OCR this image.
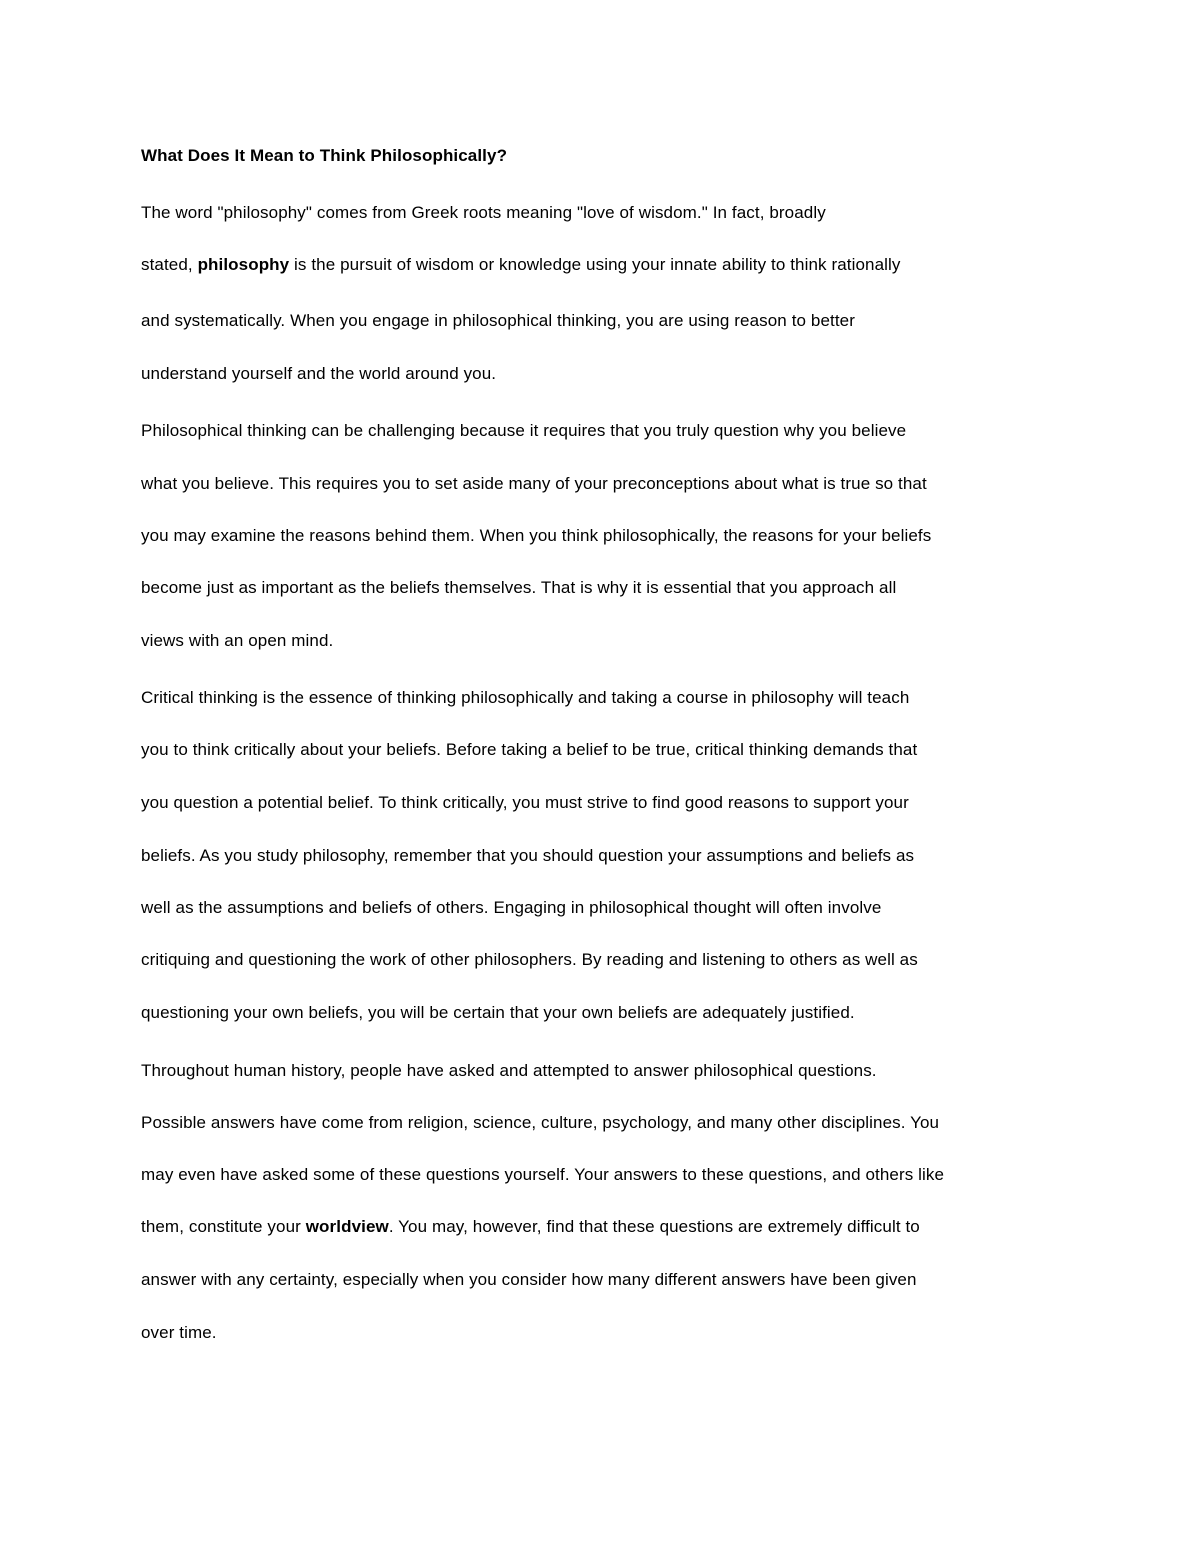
What Does It Mean to Think Philosophically?

The word "philosophy" comes from Greek roots meaning "love of wisdom." In fact, broadly

stated, philosophy is the pursuit of wisdom or knowledge using your innate ability to think rationally

and systematically. When you engage in philosophical thinking, you are using reason to better

understand yourself and the world around you.

Philosophical thinking can be challenging because it requires that you truly question why you believe

what you believe. This requires you to set aside many of your preconceptions about what is true so that

you may examine the reasons behind them. When you think philosophically, the reasons for your beliefs

become just as important as the beliefs themselves. That is why it is essential that you approach all

views with an open mind.

Critical thinking is the essence of thinking philosophically and taking a course in philosophy will teach

you to think critically about your beliefs. Before taking a belief to be true, critical thinking demands that

you question a potential belief. To think critically, you must strive to find good reasons to support your

beliefs. As you study philosophy, remember that you should question your assumptions and beliefs as

well as the assumptions and beliefs of others. Engaging in philosophical thought will often involve

critiquing and questioning the work of other philosophers. By reading and listening to others as well as

questioning your own beliefs, you will be certain that your own beliefs are adequately justified.

Throughout human history, people have asked and attempted to answer philosophical questions.

Possible answers have come from religion, science, culture, psychology, and many other disciplines. You

may even have asked some of these questions yourself. Your answers to these questions, and others like

them, constitute your worldview. You may, however, find that these questions are extremely difficult to

answer with any certainty, especially when you consider how many different answers have been given

over time.
